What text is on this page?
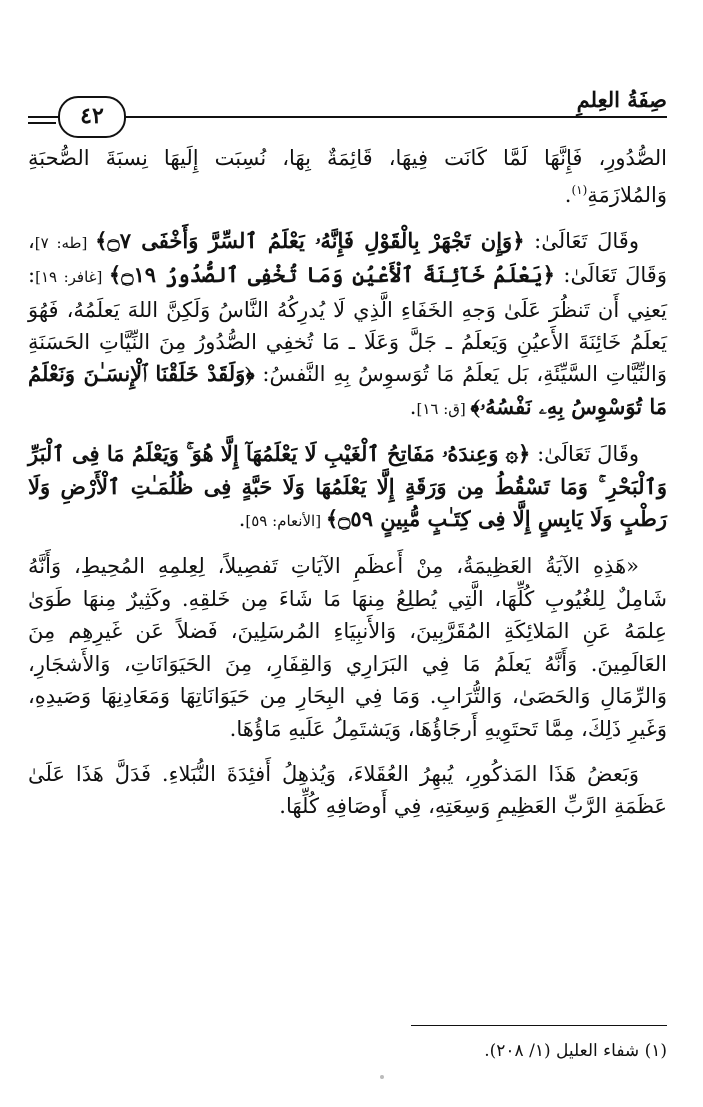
صِفَةُ العِلمِ
٤٢

الصُّدُورِ، فَإِنَّهَا لَمَّا كَانَت فِيهَا، قَائِمَةٌ بِهَا، نُسِبَت إِلَيهَا نِسبَةَ الصُّحبَةِ وَالمُلازَمَةِ$^{(١)}$.

وقَالَ تَعَالَىٰ: ﴿وَإِن تَجْهَرْ بِالْقَوْلِ فَإِنَّهُۥ يَعْلَمُ ٱلسِّرَّ وَأَخْفَى ۝٧﴾ [طه: ٧]، وَقَالَ تَعَالَىٰ: ﴿يَعْلَمُ خَآئِنَةَ ٱلْأَعْيُنِ وَمَا تُخْفِى ٱلصُّدُورُ ۝١٩﴾ [غافر: ١٩]: يَعنِي أَن تَنظُرَ عَلَىٰ وَجهِ الخَفَاءِ الَّذِي لَا يُدرِكُهُ النَّاسُ وَلَكِنَّ اللهَ يَعلَمُهُ، فَهُوَ يَعلَمُ خَائِنَةَ الأَعيُنِ وَيَعلَمُ ـ جَلَّ وَعَلَا ـ مَا تُخفِي الصُّدُورُ مِنَ النِّيَّاتِ الحَسَنَةِ وَالنِّيَّاتِ السَّيِّئَةِ، بَل يَعلَمُ مَا تُوَسوِسُ بِهِ النَّفسُ: ﴿وَلَقَدْ خَلَقْنَا ٱلْإِنسَـٰنَ وَنَعْلَمُ مَا تُوَسْوِسُ بِهِۦ نَفْسُهُۥ﴾ [ق: ١٦].

وقَالَ تَعَالَىٰ: ﴿۞ وَعِندَهُۥ مَفَاتِحُ ٱلْغَيْبِ لَا يَعْلَمُهَآ إِلَّا هُوَ ۚ وَيَعْلَمُ مَا فِى ٱلْبَرِّ وَٱلْبَحْرِ ۚ وَمَا تَسْقُطُ مِن وَرَقَةٍ إِلَّا يَعْلَمُهَا وَلَا حَبَّةٍ فِى ظُلُمَـٰتِ ٱلْأَرْضِ وَلَا رَطْبٍ وَلَا يَابِسٍ إِلَّا فِى كِتَـٰبٍ مُّبِينٍ ۝٥٩﴾ [الأنعام: ٥٩].

«هَذِهِ الآيَةُ العَظِيمَةُ، مِنْ أَعظَمِ الآيَاتِ تَفصِيلاً، لِعِلمِهِ المُحِيطِ، وَأَنَّهُ شَامِلٌ لِلغُيُوبِ كُلِّهَا، الَّتِي يُطلِعُ مِنهَا مَا شَاءَ مِن خَلقِهِ. وكَثِيرٌ مِنهَا طَوَىٰ عِلمَهُ عَنِ المَلائِكَةِ المُقَرَّبِينَ، وَالأَنبِيَاءِ المُرسَلِينَ، فَضلاً عَن غَيرِهِم مِنَ العَالَمِينَ. وَأَنَّهُ يَعلَمُ مَا فِي البَرَارِي وَالقِفَارِ، مِنَ الحَيَوَانَاتِ، وَالأَشجَارِ، وَالرِّمَالِ وَالحَصَىٰ، وَالتُّرَابِ. وَمَا فِي البِحَارِ مِن حَيَوَانَاتِهَا وَمَعَادِنِهَا وَصَيدِهِ، وَغَيرِ ذَلِكَ، مِمَّا تَحتَوِيهِ أَرجَاؤُهَا، وَيَشتَمِلُ عَلَيهِ مَاؤُهَا.

وَبَعضُ هَذَا المَذكُورِ، يُبهِرُ العُقَلاءَ، وَيُذهِلُ أَفئِدَةَ النُّبَلاءِ. فَدَلَّ هَذَا عَلَىٰ عَظَمَةِ الرَّبِّ العَظِيمِ وَسِعَتِهِ، فِي أَوصَافِهِ كُلِّهَا.

(١) شفاء العليل (١/ ٢٠٨).
